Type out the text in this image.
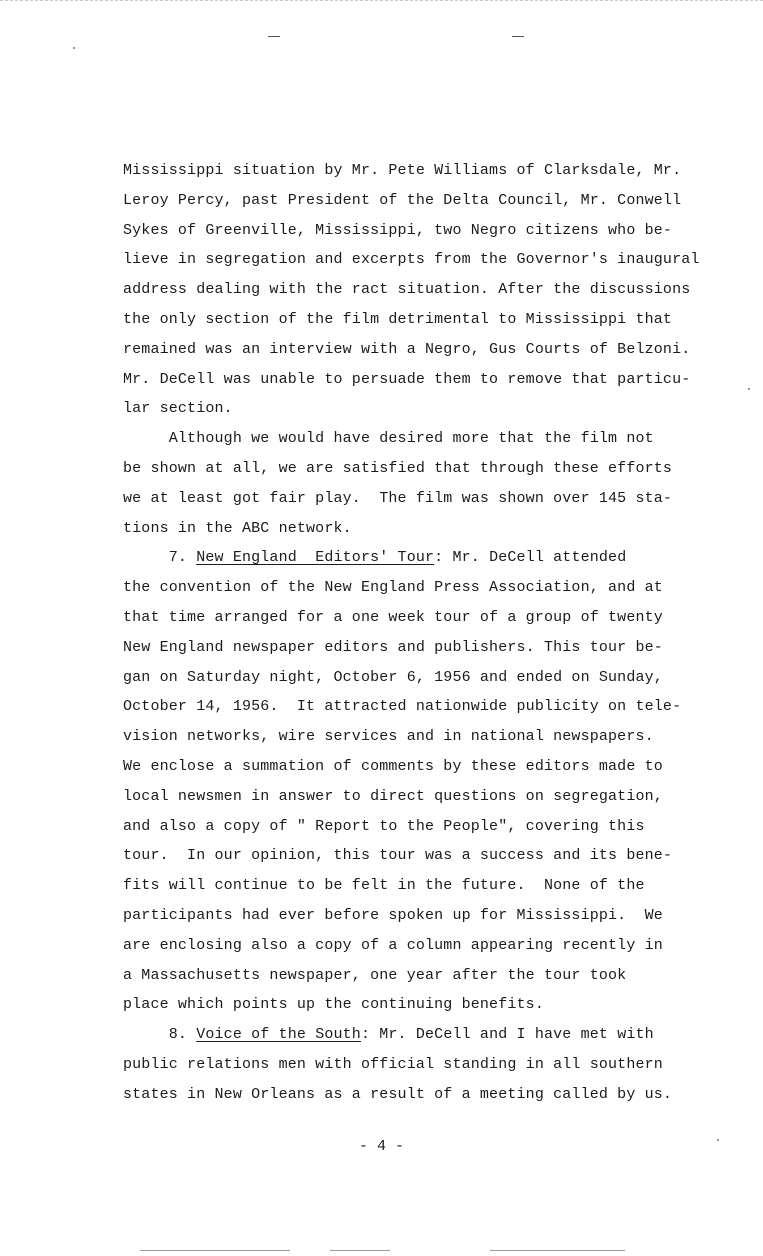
Mississippi situation by Mr. Pete Williams of Clarksdale, Mr.
Leroy Percy, past President of the Delta Council, Mr. Conwell
Sykes of Greenville, Mississippi, two Negro citizens who be-
lieve in segregation and excerpts from the Governor's inaugural
address dealing with the ract situation. After the discussions
the only section of the film detrimental to Mississippi that
remained was an interview with a Negro, Gus Courts of Belzoni.
Mr. DeCell was unable to persuade them to remove that particu-
lar section.
Although we would have desired more that the film not
be shown at all, we are satisfied that through these efforts
we at least got fair play.  The film was shown over 145 sta-
tions in the ABC network.
7. New England  Editors' Tour: Mr. DeCell attended
the convention of the New England Press Association, and at
that time arranged for a one week tour of a group of twenty
New England newspaper editors and publishers. This tour be-
gan on Saturday night, October 6, 1956 and ended on Sunday,
October 14, 1956.  It attracted nationwide publicity on tele-
vision networks, wire services and in national newspapers.
We enclose a summation of comments by these editors made to
local newsmen in answer to direct questions on segregation,
and also a copy of " Report to the People", covering this
tour.  In our opinion, this tour was a success and its bene-
fits will continue to be felt in the future.  None of the
participants had ever before spoken up for Mississippi.  We
are enclosing also a copy of a column appearing recently in
a Massachusetts newspaper, one year after the tour took
place which points up the continuing benefits.
8. Voice of the South: Mr. DeCell and I have met with
public relations men with official standing in all southern
states in New Orleans as a result of a meeting called by us.
- 4 -
